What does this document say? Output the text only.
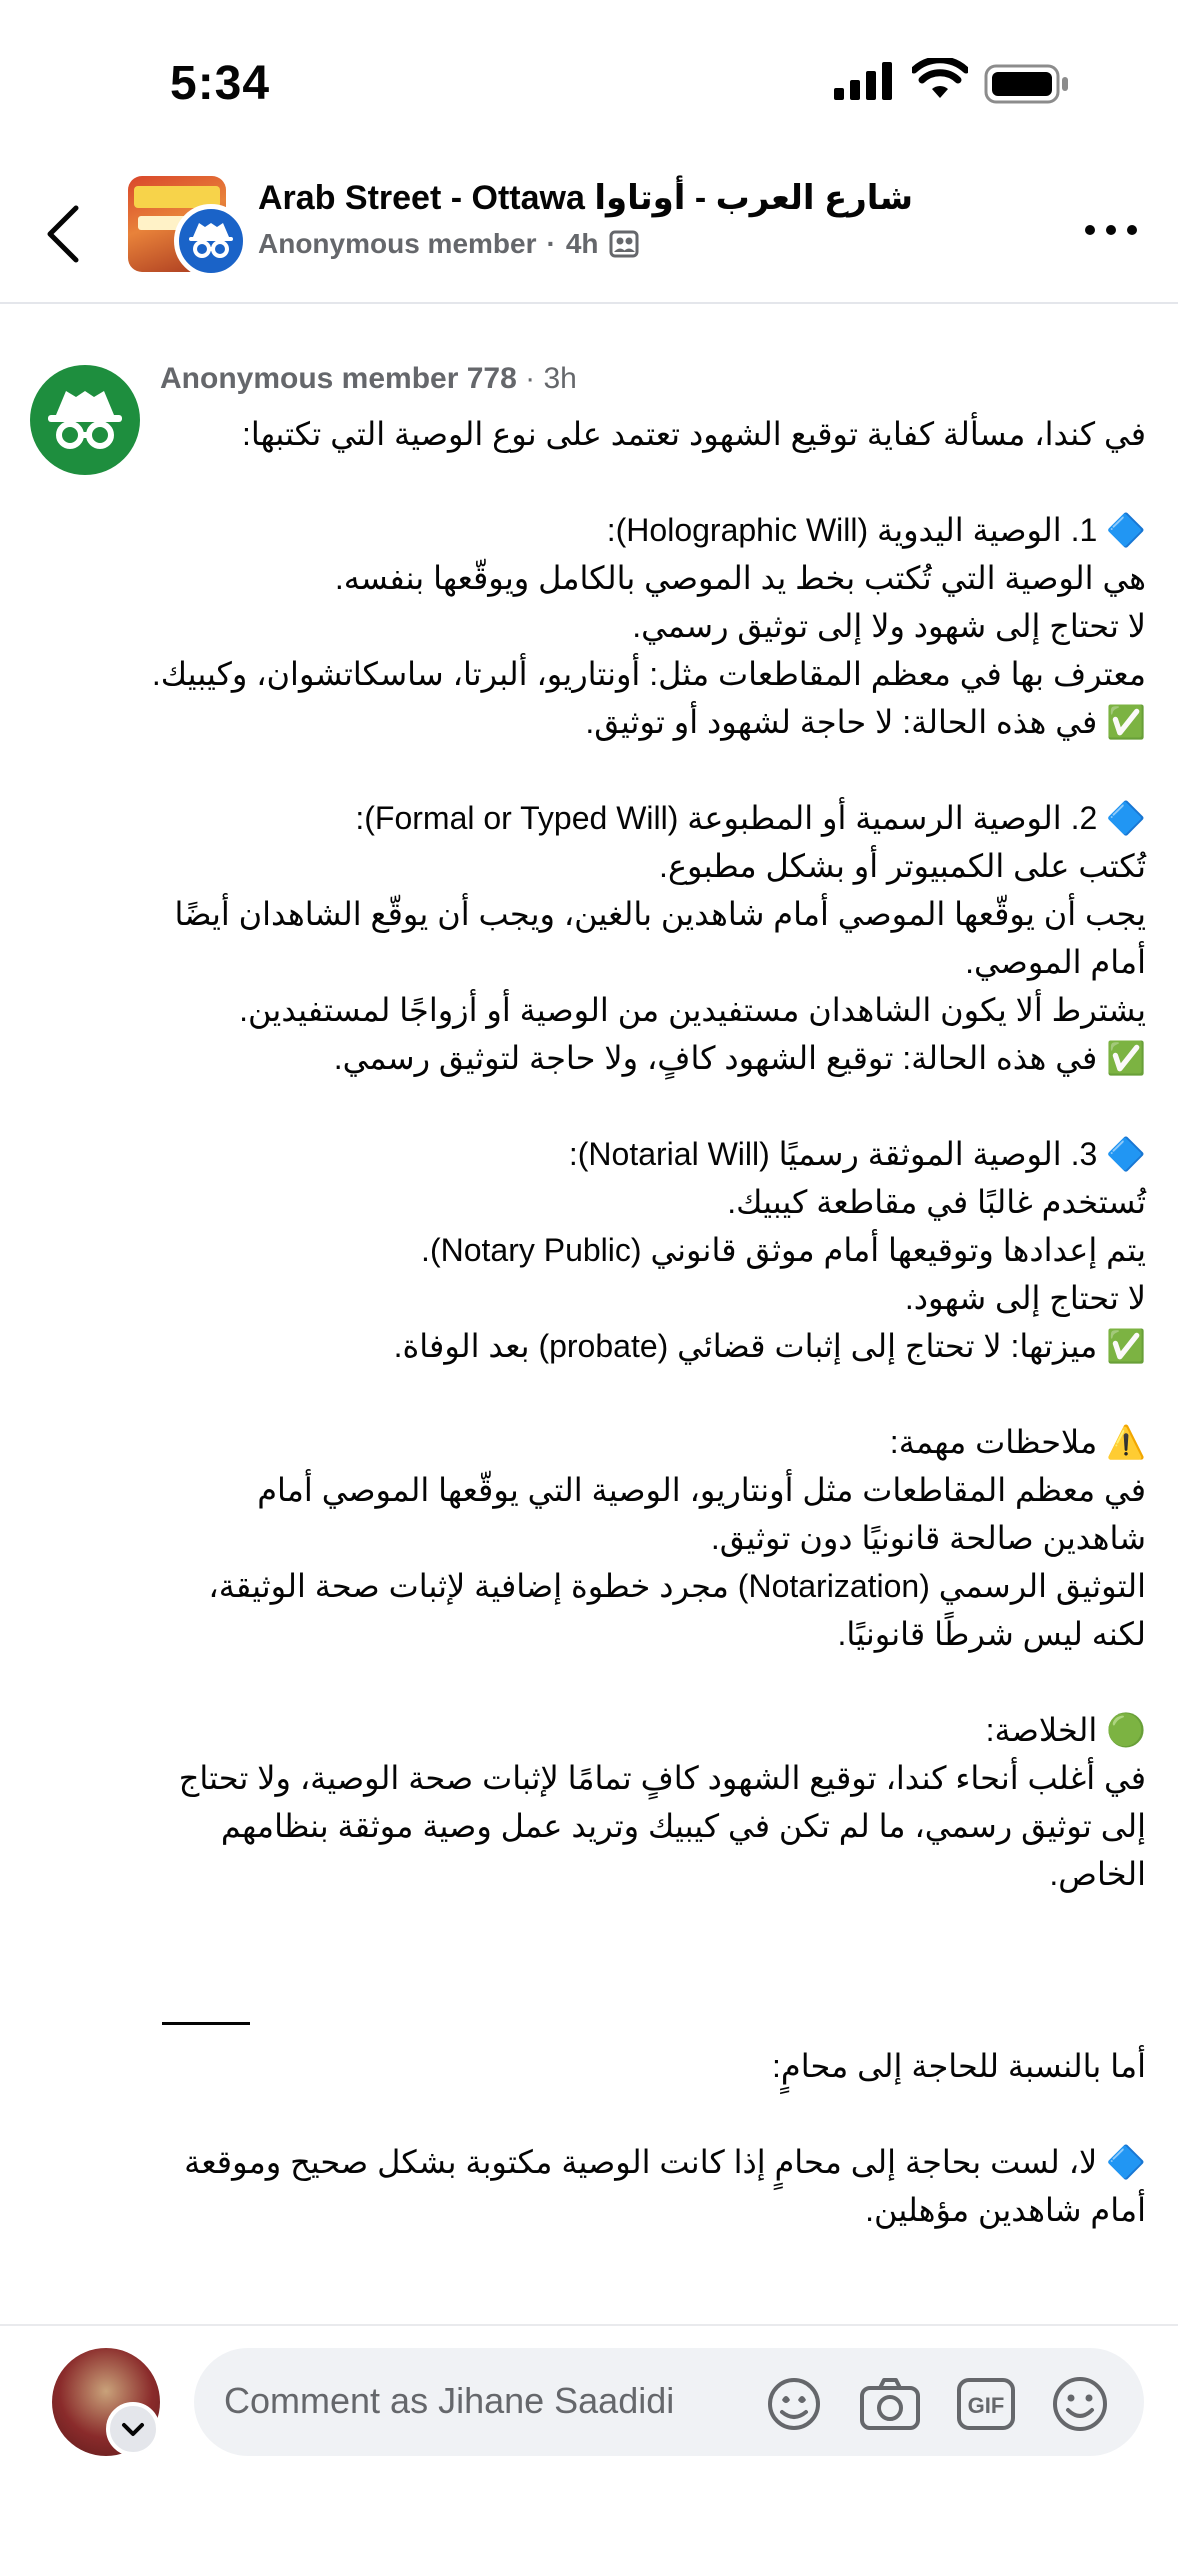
5:34
Arab Street - Ottawa شارع العرب - أوتاوا
Anonymous member · 4h
Anonymous member 778 · 3h

في كندا، مسألة كفاية توقيع الشهود تعتمد على نوع الوصية التي تكتبها:

🔷 1. الوصية اليدوية (Holographic Will):

هي الوصية التي تُكتب بخط يد الموصي بالكامل ويوقّعها بنفسه.

لا تحتاج إلى شهود ولا إلى توثيق رسمي.

معترف بها في معظم المقاطعات مثل: أونتاريو، ألبرتا، ساسكاتشوان، وكيبيك.

✅ في هذه الحالة: لا حاجة لشهود أو توثيق.

🔷 2. الوصية الرسمية أو المطبوعة (Formal or Typed Will):

تُكتب على الكمبيوتر أو بشكل مطبوع.

يجب أن يوقّعها الموصي أمام شاهدين بالغين، ويجب أن يوقّع الشاهدان أيضًا أمام الموصي.

يشترط ألا يكون الشاهدان مستفيدين من الوصية أو أزواجًا لمستفيدين.

✅ في هذه الحالة: توقيع الشهود كافٍ، ولا حاجة لتوثيق رسمي.

🔷 3. الوصية الموثقة رسميًا (Notarial Will):

تُستخدم غالبًا في مقاطعة كيبيك.

يتم إعدادها وتوقيعها أمام موثق قانوني (Notary Public).

لا تحتاج إلى شهود.

✅ ميزتها: لا تحتاج إلى إثبات قضائي (probate) بعد الوفاة.

⚠️ ملاحظات مهمة:

في معظم المقاطعات مثل أونتاريو، الوصية التي يوقّعها الموصي أمام شاهدين صالحة قانونيًا دون توثيق.

التوثيق الرسمي (Notarization) مجرد خطوة إضافية لإثبات صحة الوثيقة، لكنه ليس شرطًا قانونيًا.

🟢 الخلاصة:

في أغلب أنحاء كندا، توقيع الشهود كافٍ تمامًا لإثبات صحة الوصية، ولا تحتاج إلى توثيق رسمي، ما لم تكن في كيبيك وتريد عمل وصية موثقة بنظامهم الخاص.

أما بالنسبة للحاجة إلى محامٍ:

🔷 لا، لست بحاجة إلى محامٍ إذا كانت الوصية مكتوبة بشكل صحيح وموقعة أمام شاهدين مؤهلين.

Comment as Jihane Saadidi	GIF
